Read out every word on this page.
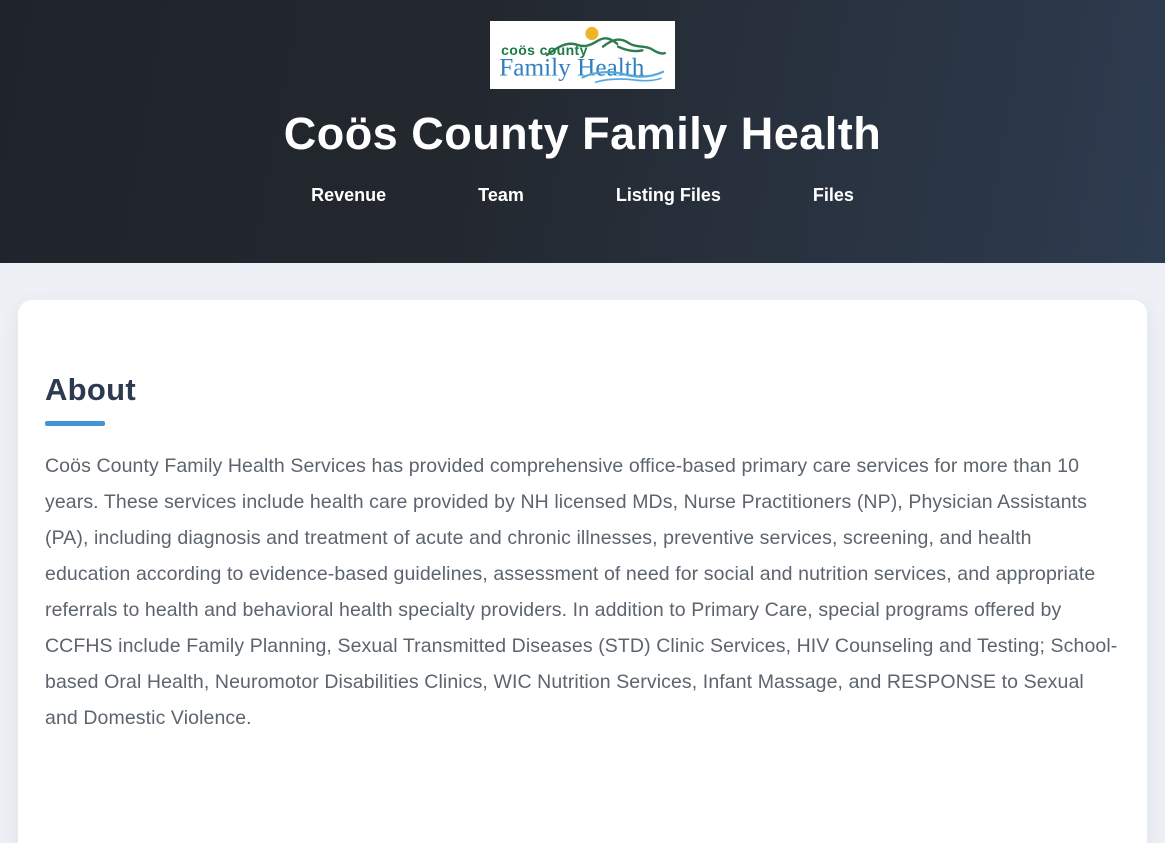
coös county
Family Health
Coös County Family Health
Revenue	Team	Listing Files	Files
About

Coös County Family Health Services has provided comprehensive office-based primary care services for more than 10 years. These services include health care provided by NH licensed MDs, Nurse Practitioners (NP), Physician Assistants (PA), including diagnosis and treatment of acute and chronic illnesses, preventive services, screening, and health education according to evidence-based guidelines, assessment of need for social and nutrition services, and appropriate referrals to health and behavioral health specialty providers. In addition to Primary Care, special programs offered by CCFHS include Family Planning, Sexual Transmitted Diseases (STD) Clinic Services, HIV Counseling and Testing; School-based Oral Health, Neuromotor Disabilities Clinics, WIC Nutrition Services, Infant Massage, and RESPONSE to Sexual and Domestic Violence.
